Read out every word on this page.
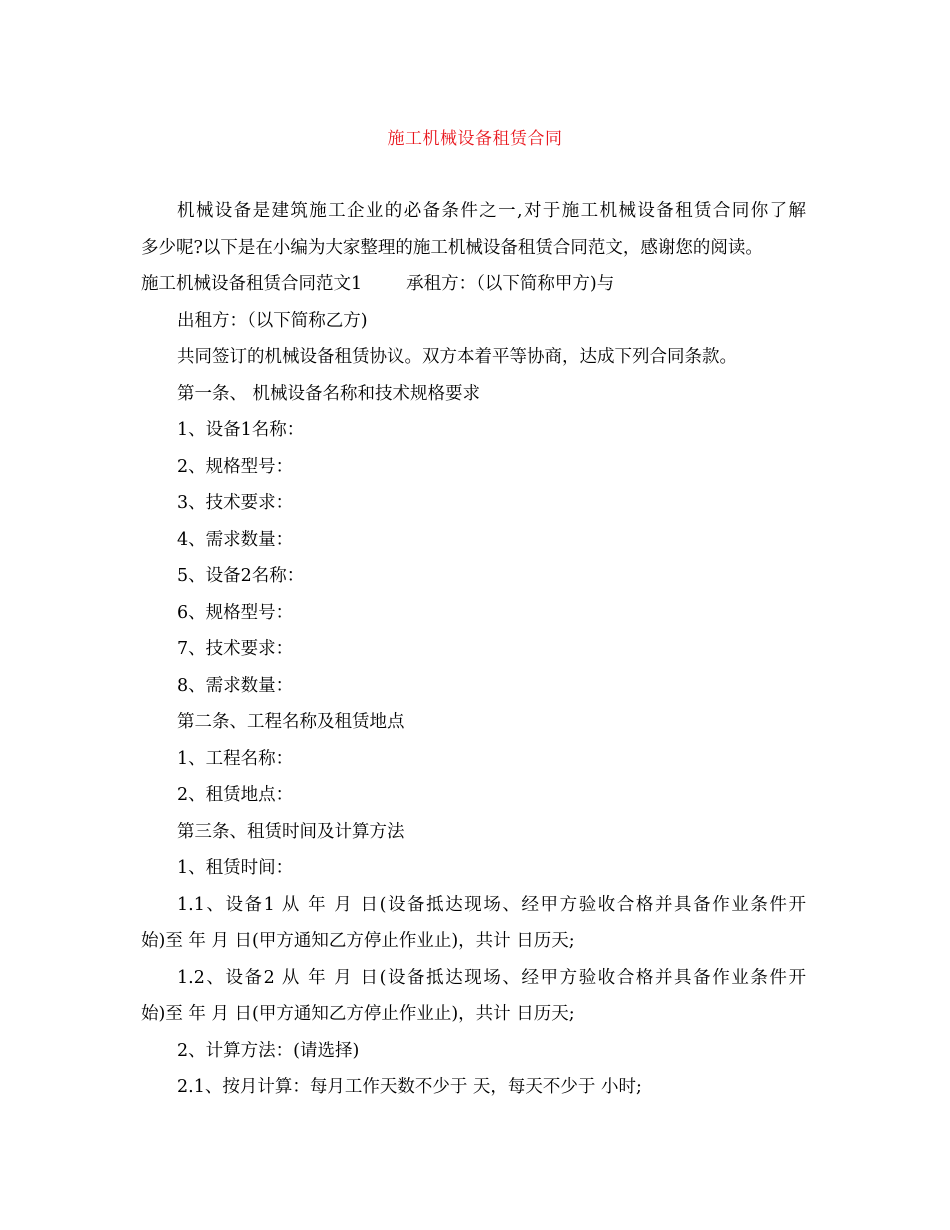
施工机械设备租赁合同

机械设备是建筑施工企业的必备条件之一,对于施工机械设备租赁合同你了解

多少呢?以下是在小编为大家整理的施工机械设备租赁合同范文，感谢您的阅读。

施工机械设备租赁合同范文1	承租方：（以下简称甲方)与

出租方：（以下简称乙方)

共同签订的机械设备租赁协议。双方本着平等协商，达成下列合同条款。

第一条、 机械设备名称和技术规格要求

1、设备1名称：

2、规格型号：

3、技术要求：

4、需求数量：

5、设备2名称：

6、规格型号：

7、技术要求：

8、需求数量：

第二条、工程名称及租赁地点

1、工程名称：

2、租赁地点：

第三条、租赁时间及计算方法

1、租赁时间：

1.1、设备1 从 年 月 日(设备抵达现场、经甲方验收合格并具备作业条件开

始)至 年 月 日(甲方通知乙方停止作业止)，共计 日历天;

1.2、设备2 从 年 月 日(设备抵达现场、经甲方验收合格并具备作业条件开

始)至 年 月 日(甲方通知乙方停止作业止)，共计 日历天;

2、计算方法：(请选择)

2.1、按月计算：每月工作天数不少于 天，每天不少于 小时;
